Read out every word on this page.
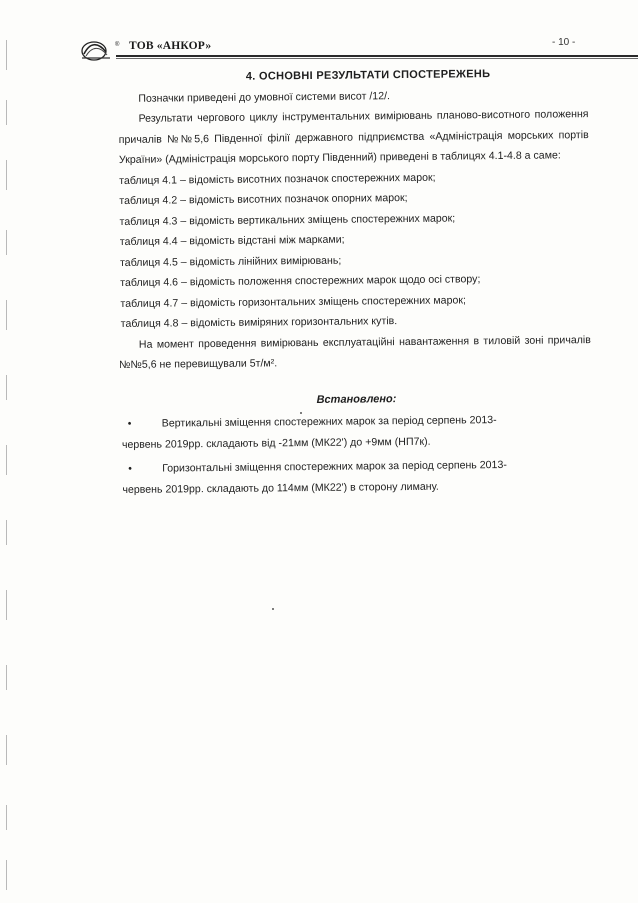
- 10 -
® ТОВ «АНКОР»
4. ОСНОВНІ РЕЗУЛЬТАТИ СПОСТЕРЕЖЕНЬ

Позначки приведені до умовної системи висот /12/.

Результати чергового циклу інструментальних вимірювань планово-висотного положення причалів №№5,6 Південної філії державного підприємства «Адміністрація морських портів України» (Адміністрація морського порту Південний) приведені в таблицях 4.1-4.8 а саме:

таблиця 4.1 – відомість висотних позначок спостережних марок;
таблиця 4.2 – відомість висотних позначок опорних марок;
таблиця 4.3 – відомість вертикальних зміщень спостережних марок;
таблиця 4.4 – відомість відстані між марками;
таблиця 4.5 – відомість лінійних вимірювань;
таблиця 4.6 – відомість положення спостережних марок щодо осі створу;
таблиця 4.7 – відомість горизонтальних зміщень спостережних марок;
таблиця 4.8 – відомість виміряних горизонтальних кутів.

На момент проведення вимірювань експлуатаційні навантаження в тиловій зоні причалів №№5,6 не перевищували 5т/м².

Встановлено:
•	Вертикальні зміщення спостережних марок за період серпень 2013-
червень 2019рр. складають від -21мм (МК22') до +9мм (НП7к).
•	Горизонтальні зміщення спостережних марок за період серпень 2013-
червень 2019рр. складають до 114мм (МК22') в сторону лиману.
